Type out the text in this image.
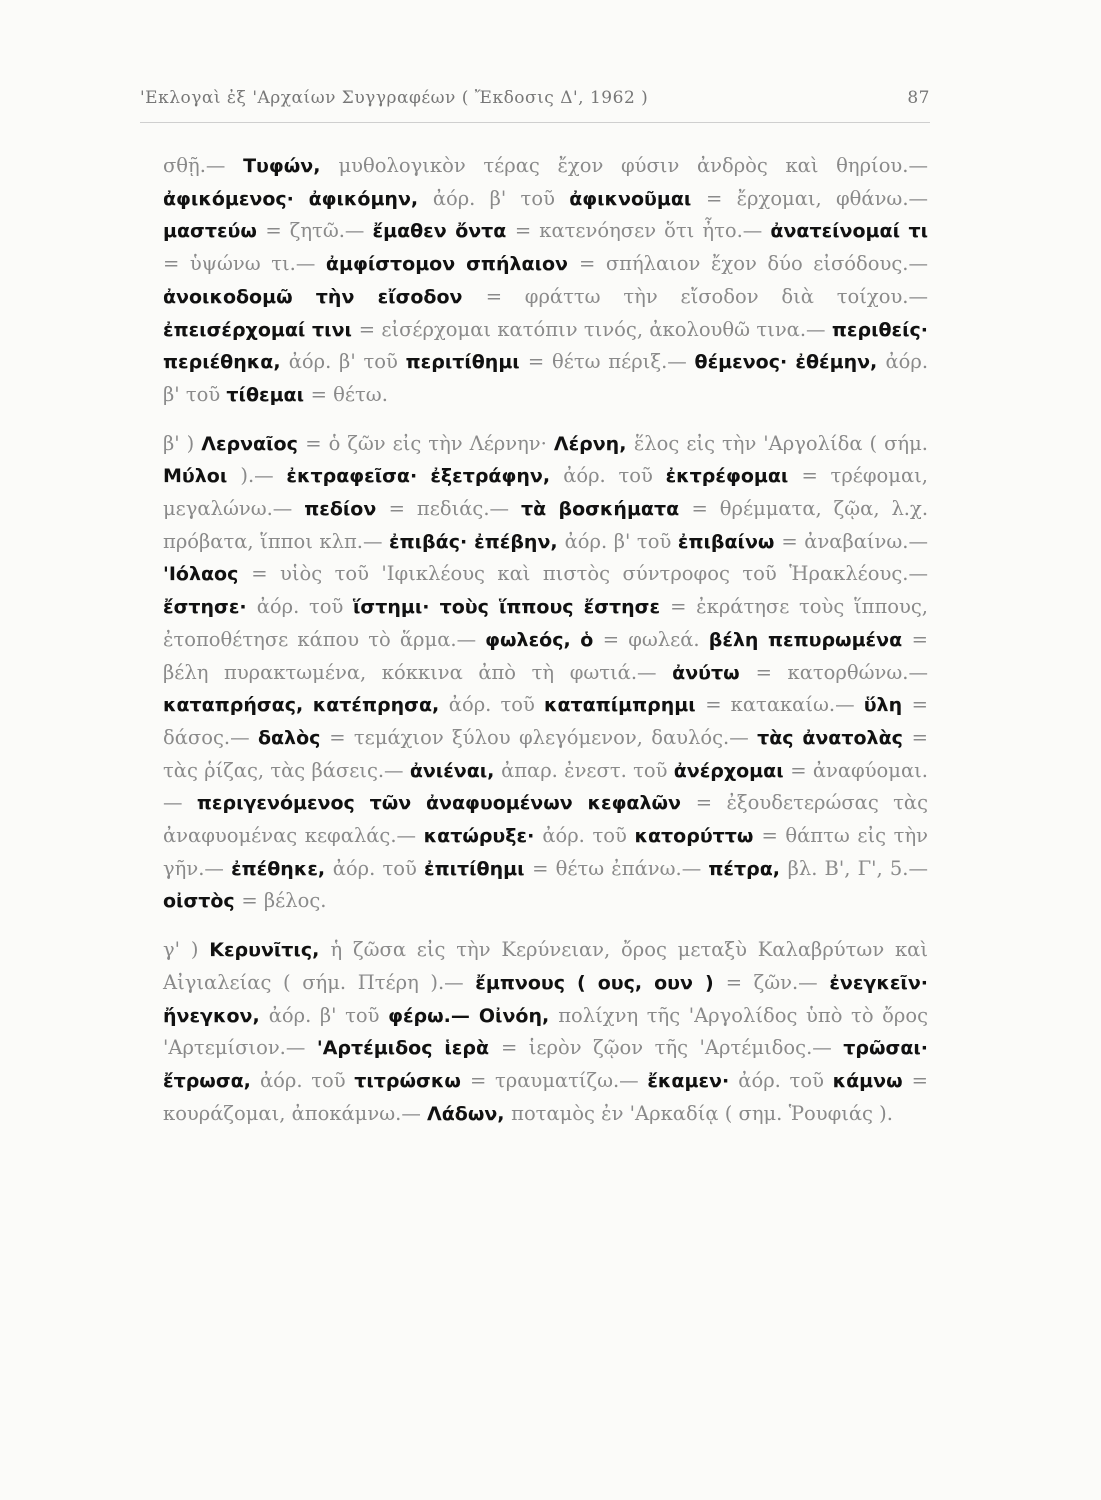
'Εκλογαὶ ἐξ 'Αρχαίων Συγγραφέων ( Ἔκδοσις Δ', 1962 )	87

σθῇ.— Τυφών, μυθολογικὸν τέρας ἔχον φύσιν ἀνδρὸς καὶ θηρίου.— ἀφικόμενος· ἀφικόμην, ἀόρ. β' τοῦ ἀφικνοῦμαι = ἔρχομαι, φθάνω.— μαστεύω = ζητῶ.— ἔμαθεν ὄντα = κατενόησεν ὅτι ἦτο.— ἀνατείνομαί τι = ὑψώνω τι.— ἀμφίστομον σπήλαιον = σπήλαιον ἔχον δύο εἰσόδους.— ἀνοικοδομῶ τὴν εἴσοδον = φράττω τὴν εἴσοδον διὰ τοίχου.— ἐπεισέρχομαί τινι = εἰσέρχομαι κατόπιν τινός, ἀκολουθῶ τινα.— περιθείς· περιέθηκα, ἀόρ. β' τοῦ περιτίθημι = θέτω πέριξ.— θέμενος· ἐθέμην, ἀόρ. β' τοῦ τίθεμαι = θέτω.

β' ) Λερναῖος = ὁ ζῶν εἰς τὴν Λέρνην· Λέρνη, ἕλος εἰς τὴν 'Αργολίδα ( σήμ. Μύλοι ).— ἐκτραφεῖσα· ἐξετράφην, ἀόρ. τοῦ ἐκτρέφομαι = τρέφομαι, μεγαλώνω.— πεδίον = πεδιάς.— τὰ βοσκήματα = θρέμματα, ζῷα, λ.χ. πρόβατα, ἵπποι κλπ.— ἐπιβάς· ἐπέβην, ἀόρ. β' τοῦ ἐπιβαίνω = ἀναβαίνω.— 'Ιόλαος = υἱὸς τοῦ 'Ιφικλέους καὶ πιστὸς σύντροφος τοῦ Ἡρακλέους.— ἔστησε· ἀόρ. τοῦ ἵστημι· τοὺς ἵππους ἔστησε = ἐκράτησε τοὺς ἵππους, ἐτοποθέτησε κάπου τὸ ἅρμα.— φωλεός, ὁ = φωλεά. βέλη πεπυρωμένα = βέλη πυρακτωμένα, κόκκινα ἀπὸ τὴ φωτιά.— ἀνύτω = κατορθώνω.— καταπρήσας, κατέπρησα, ἀόρ. τοῦ καταπίμπρημι = κατακαίω.— ὕλη = δάσος.— δαλὸς = τεμάχιον ξύλου φλεγόμενον, δαυλός.— τὰς ἀνατολὰς = τὰς ῥίζας, τὰς βάσεις.— ἀνιέναι, ἀπαρ. ἐνεστ. τοῦ ἀνέρχομαι = ἀναφύομαι.— περιγενόμενος τῶν ἀναφυομένων κεφαλῶν = ἐξουδετερώσας τὰς ἀναφυομένας κεφαλάς.— κατώρυξε· ἀόρ. τοῦ κατορύττω = θάπτω εἰς τὴν γῆν.— ἐπέθηκε, ἀόρ. τοῦ ἐπιτίθημι = θέτω ἐπάνω.— πέτρα, βλ. Β', Γ', 5.— οἰστὸς = βέλος.

γ' ) Κερυνῖτις, ἡ ζῶσα εἰς τὴν Κερύνειαν, ὄρος μεταξὺ Καλαβρύτων καὶ Αἰγιαλείας ( σήμ. Πτέρη ).— ἔμπνους ( ους, ουν ) = ζῶν.— ἐνεγκεῖν· ἤνεγκον, ἀόρ. β' τοῦ φέρω.— Οἰνόη, πολίχνη τῆς 'Αργολίδος ὑπὸ τὸ ὄρος 'Αρτεμίσιον.— 'Αρτέμιδος ἱερὰ = ἱερὸν ζῷον τῆς 'Αρτέμιδος.— τρῶσαι· ἔτρωσα, ἀόρ. τοῦ τιτρώσκω = τραυματίζω.— ἔκαμεν· ἀόρ. τοῦ κάμνω = κουράζομαι, ἀποκάμνω.— Λάδων, ποταμὸς ἐν 'Αρκαδίᾳ ( σημ. Ῥουφιάς ).
